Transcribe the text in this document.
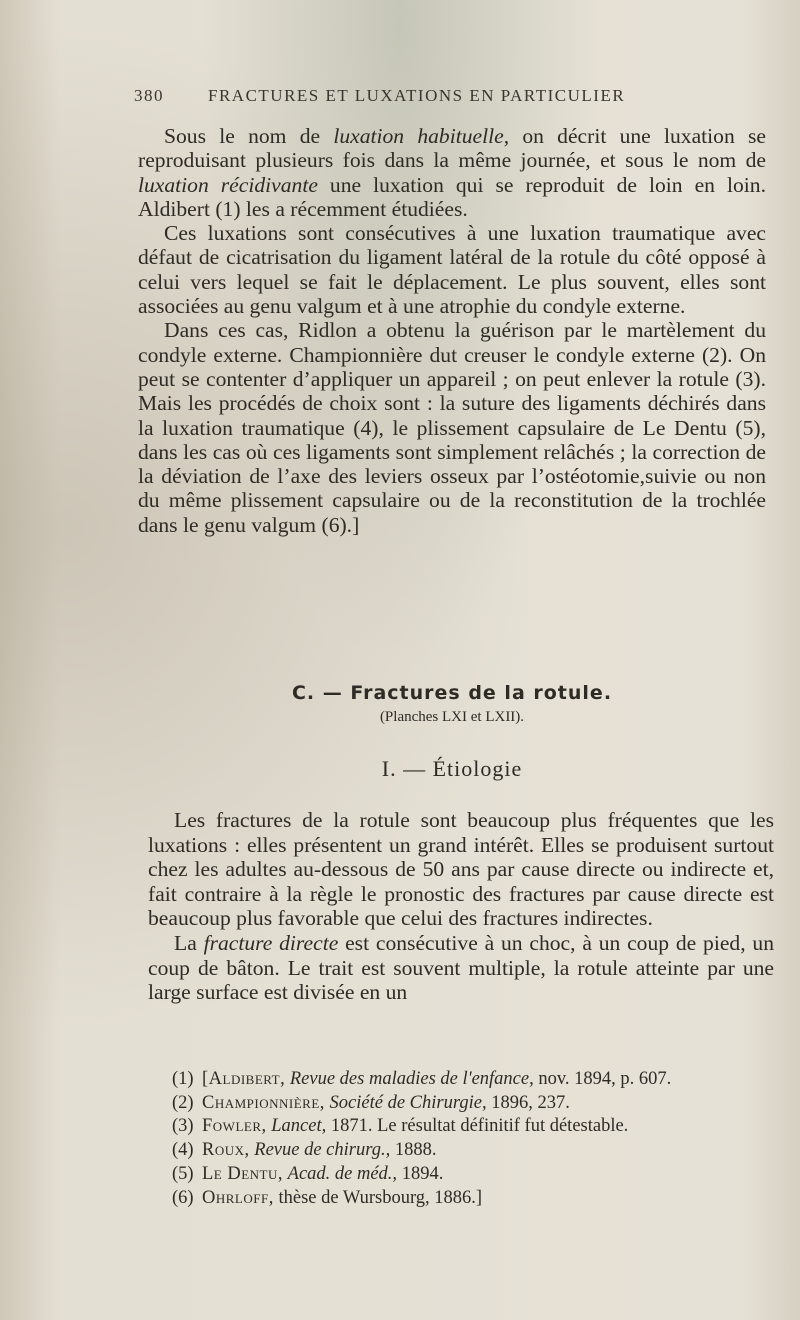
380	FRACTURES ET LUXATIONS EN PARTICULIER

Sous le nom de luxation habituelle, on décrit une luxation se reproduisant plusieurs fois dans la même journée, et sous le nom de luxation récidivante une luxation qui se reproduit de loin en loin. Aldibert (1) les a récemment étudiées.

Ces luxations sont consécutives à une luxation traumatique avec défaut de cicatrisation du ligament latéral de la rotule du côté opposé à celui vers lequel se fait le déplacement. Le plus souvent, elles sont associées au genu valgum et à une atrophie du condyle externe.

Dans ces cas, Ridlon a obtenu la guérison par le martèlement du condyle externe. Championnière dut creuser le condyle externe (2). On peut se contenter d’appliquer un appareil ; on peut enlever la rotule (3). Mais les procédés de choix sont : la suture des ligaments déchirés dans la luxation traumatique (4), le plissement capsulaire de Le Dentu (5), dans les cas où ces ligaments sont simplement relâchés ; la correction de la déviation de l’axe des leviers osseux par l’ostéotomie,suivie ou non du même plissement capsulaire ou de la reconstitution de la trochlée dans le genu valgum (6).]

C. — Fractures de la rotule.
(Planches LXI et LXII).
I. — Étiologie

Les fractures de la rotule sont beaucoup plus fréquentes que les luxations : elles présentent un grand intérêt. Elles se produisent surtout chez les adultes au-dessous de 50 ans par cause directe ou indirecte et, fait contraire à la règle le pronostic des fractures par cause directe est beaucoup plus favorable que celui des fractures indirectes.

La fracture directe est consécutive à un choc, à un coup de pied, un coup de bâton. Le trait est souvent multiple, la rotule atteinte par une large surface est divisée en un

(1) [Aldibert, Revue des maladies de l'enfance, nov. 1894, p. 607.
(2) Championnière, Société de Chirurgie, 1896, 237.
(3) Fowler, Lancet, 1871. Le résultat définitif fut détestable.
(4) Roux, Revue de chirurg., 1888.
(5) Le Dentu, Acad. de méd., 1894.
(6) Ohrloff, thèse de Wursbourg, 1886.]
